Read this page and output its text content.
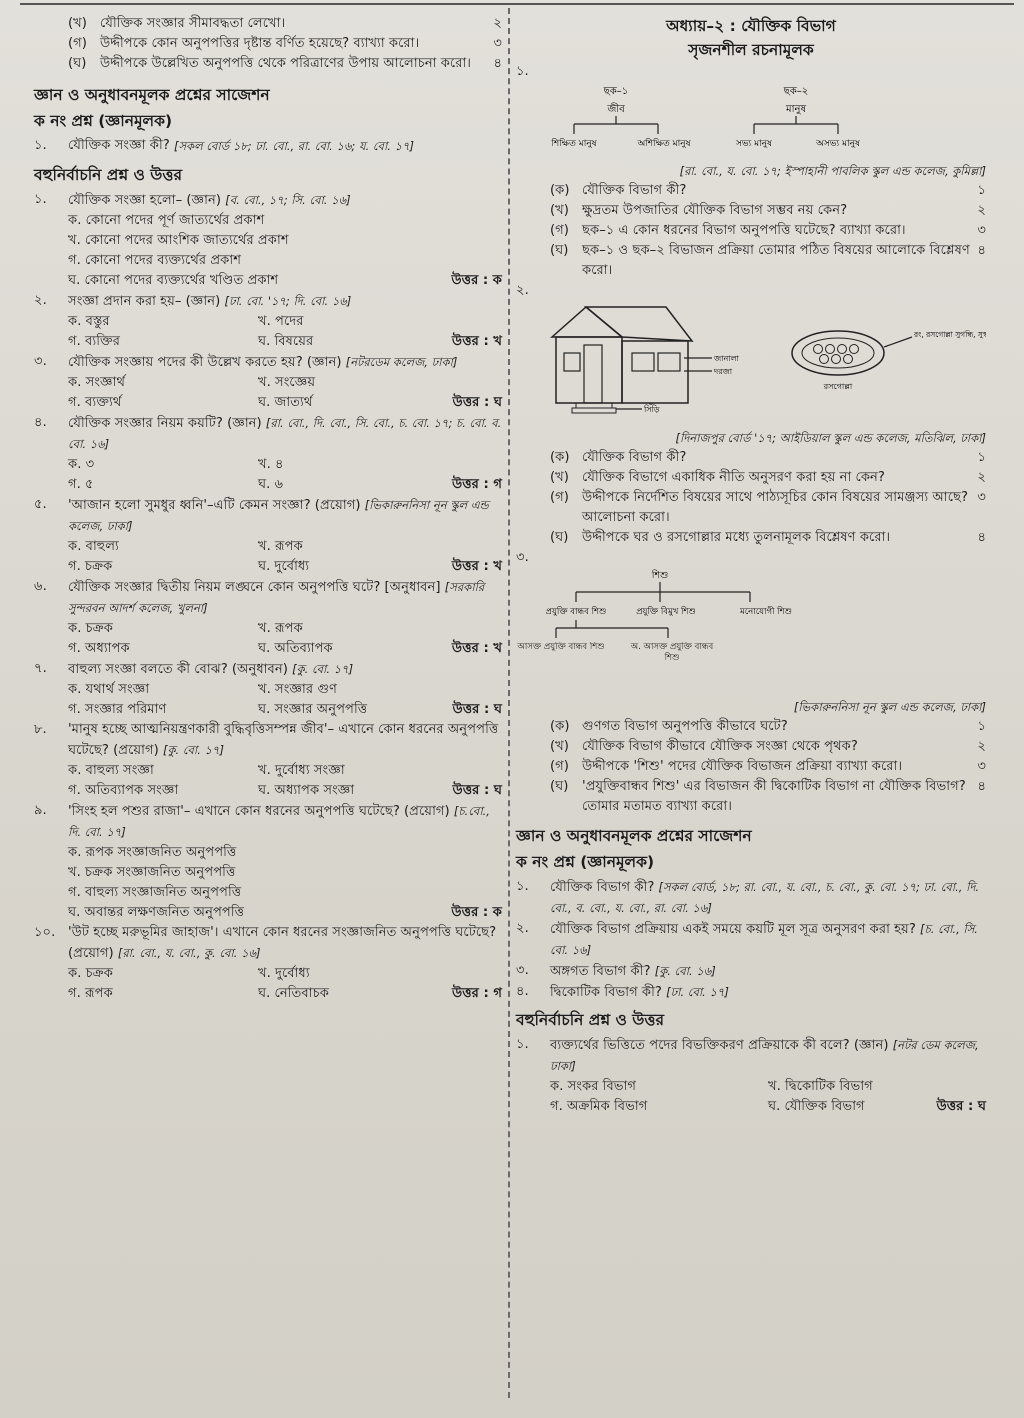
(খ) যৌক্তিক সংজ্ঞার সীমাবদ্ধতা লেখো।	২
(গ) উদ্দীপকে কোন অনুপপত্তির দৃষ্টান্ত বর্ণিত হয়েছে? ব্যাখ্যা করো।	৩
(ঘ)	উদ্দীপকে উল্লেখিত অনুপপত্তি থেকে পরিত্রাণের উপায় আলোচনা করো।	৪
জ্ঞান ও অনুধাবনমূলক প্রশ্নের সাজেশন
ক নং প্রশ্ন (জ্ঞানমূলক)
১.	যৌক্তিক সংজ্ঞা কী?
[সকল বোর্ড ১৮; ঢা. বো., রা. বো. ১৬; য. বো. ১৭]
বহুনির্বাচনি প্রশ্ন ও উত্তর
১.	যৌক্তিক সংজ্ঞা হলো– (জ্ঞান) [ব. বো., ১৭; সি. বো. ১৬]
ক. কোনো পদের পূর্ণ জাত্যর্থের প্রকাশ
খ. কোনো পদের আংশিক জাত্যর্থের প্রকাশ
গ. কোনো পদের ব্যক্ত্যর্থের প্রকাশ
ঘ. কোনো পদের ব্যক্ত্যর্থের খণ্ডিত প্রকাশ	উত্তর : ক
২.	সংজ্ঞা প্রদান করা হয়– (জ্ঞান) [ঢা. বো. '১৭; দি. বো. ১৬]
ক. বস্তুর	খ. পদের
গ. ব্যক্তির	ঘ. বিষয়ের	উত্তর : খ
৩.	যৌক্তিক সংজ্ঞায় পদের কী উল্লেখ করতে হয়? (জ্ঞান) [নটরডেম কলেজ, ঢাকা]
ক. সংজ্ঞার্থ	খ. সংজ্ঞেয়
গ. ব্যক্ত্যর্থ	ঘ. জাত্যর্থ	উত্তর : ঘ
৪.	যৌক্তিক সংজ্ঞার নিয়ম কয়টি? (জ্ঞান) [রা. বো., দি. বো., সি. বো., চ. বো. ১৭; চ. বো. ব. বো. ১৬]
ক. ৩	খ. ৪
গ. ৫	ঘ. ৬	উত্তর : গ
৫.	'আজান হলো সুমধুর ধ্বনি'–এটি কেমন সংজ্ঞা? (প্রয়োগ) [ভিকারুননিসা নূন স্কুল এন্ড কলেজ, ঢাকা]
ক. বাহুল্য	খ. রূপক
গ. চক্রক	ঘ. দুর্বোধ্য	উত্তর : খ
৬.	যৌক্তিক সংজ্ঞার দ্বিতীয় নিয়ম লঙ্ঘনে কোন অনুপপত্তি ঘটে? [অনুধাবন] [সরকারি সুন্দরবন আদর্শ কলেজ, খুলনা]
ক. চক্রক	খ. রূপক
গ. অধ্যাপক	ঘ. অতিব্যাপক	উত্তর : খ
৭.	বাহুল্য সংজ্ঞা বলতে কী বোঝ? (অনুধাবন) [কু. বো. ১৭]
ক. যথার্থ সংজ্ঞা	খ. সংজ্ঞার গুণ
গ. সংজ্ঞার পরিমাণ	ঘ. সংজ্ঞার অনুপপত্তি	উত্তর : ঘ
৮.	'মানুষ হচ্ছে আত্মনিয়ন্ত্রণকারী বুদ্ধিবৃত্তিসম্পন্ন জীব'– এখানে কোন ধরনের অনুপপত্তি ঘটেছে? (প্রয়োগ) [কু. বো. ১৭]
ক. বাহুল্য সংজ্ঞা	খ. দুর্বোধ্য সংজ্ঞা
গ. অতিব্যাপক সংজ্ঞা	ঘ. অধ্যাপক সংজ্ঞা	উত্তর : ঘ
৯.	'সিংহ হল পশুর রাজা'– এখানে কোন ধরনের অনুপপত্তি ঘটেছে? (প্রয়োগ) [চ.বো., দি. বো. ১৭]
ক. রূপক সংজ্ঞাজনিত অনুপপত্তি
খ. চক্রক সংজ্ঞাজনিত অনুপপত্তি
গ. বাহুল্য সংজ্ঞাজনিত অনুপপত্তি
ঘ. অবান্তর লক্ষণজনিত অনুপপত্তি	উত্তর : ক
১০. 'উট হচ্ছে মরুভূমির জাহাজ'। এখানে কোন ধরনের সংজ্ঞাজনিত অনুপপত্তি ঘটেছে? (প্রয়োগ) [রা. বো., য. বো., কু. বো. ১৬]
ক. চক্রক	খ. দুর্বোধ্য
গ. রূপক	ঘ. নেতিবাচক	উত্তর : গ
অধ্যায়–২ : যৌক্তিক বিভাগ
সৃজনশীল রচনামূলক
১.
ছক–১
জীব
শিক্ষিত মানুষ	অশিক্ষিত মানুষ
ছক–২
মানুষ
সভ্য মানুষ	অসভ্য মানুষ
[রা. বো., য. বো. ১৭; ইস্পাহানী পাবলিক স্কুল এন্ড কলেজ, কুমিল্লা]
(ক) যৌক্তিক বিভাগ কী?	১
(খ) ক্ষুদ্রতম উপজাতির যৌক্তিক বিভাগ সম্ভব নয় কেন?	২
(গ) ছক–১ এ কোন ধরনের বিভাগ অনুপপত্তি ঘটেছে? ব্যাখ্যা করো।	৩
(ঘ)	ছক–১ ও ছক–২ বিভাজন প্রক্রিয়া তোমার পঠিত বিষয়ের আলোকে বিশ্লেষণ করো।
৪
২.
জানালা
দরজা
সিঁড়ি
রং, রসগোল্লা সুগন্ধি, সুস্বাদু
রসগোল্লা
[দিনাজপুর বোর্ড '১৭; আইডিয়াল স্কুল এন্ড কলেজ, মতিঝিল, ঢাকা]
(ক) যৌক্তিক বিভাগ কী?	১
(খ) যৌক্তিক বিভাগে একাধিক নীতি অনুসরণ করা হয় না কেন?	২
(গ) উদ্দীপকে নির্দেশিত বিষয়ের সাথে পাঠ্যসূচির কোন বিষয়ের সামঞ্জস্য আছে? আলোচনা করো।
৩
(ঘ)	উদ্দীপকে ঘর ও রসগোল্লার মধ্যে তুলনামূলক বিশ্লেষণ করো।	৪
৩.
শিশু
প্রযুক্তি বান্ধব শিশু	প্রযুক্তি বিমুখ শিশু	মনোযোগী শিশু
আসক্ত প্রযুক্তি বান্ধব শিশু	অ. আসক্ত প্রযুক্তি বান্ধব শিশু
[ভিকারুননিসা নূন স্কুল এন্ড কলেজ, ঢাকা]
(ক) গুণগত বিভাগ অনুপপত্তি কীভাবে ঘটে?	১
(খ) যৌক্তিক বিভাগ কীভাবে যৌক্তিক সংজ্ঞা থেকে পৃথক?	২
(গ) উদ্দীপকে 'শিশু' পদের যৌক্তিক বিভাজন প্রক্রিয়া ব্যাখ্যা করো।	৩
(ঘ)	'প্রযুক্তিবান্ধব শিশু' এর বিভাজন কী দ্বিকোটিক বিভাগ না যৌক্তিক বিভাগ? তোমার মতামত ব্যাখ্যা করো।
৪
জ্ঞান ও অনুধাবনমূলক প্রশ্নের সাজেশন
ক নং প্রশ্ন (জ্ঞানমূলক)
১.	যৌক্তিক বিভাগ কী? [সকল বোর্ড, ১৮; রা. বো., য. বো., চ. বো., কু. বো. ১৭; ঢা. বো., দি. বো., ব. বো., য. বো., রা. বো. ১৬]
২.	যৌক্তিক বিভাগ প্রক্রিয়ায় একই সময়ে কয়টি মূল সূত্র অনুসরণ করা হয়? [চ. বো., সি. বো. ১৬]
৩.	অঙ্গগত বিভাগ কী? [কু. বো. ১৬]
৪.	দ্বিকোটিক বিভাগ কী? [ঢা. বো. ১৭]
বহুনির্বাচনি প্রশ্ন ও উত্তর
১.	ব্যক্ত্যর্থের ভিত্তিতে পদের বিভক্তিকরণ প্রক্রিয়াকে কী বলে? (জ্ঞান) [নটর ডেম কলেজ, ঢাকা]
ক. সংকর বিভাগ	খ. দ্বিকোটিক বিভাগ
গ. অক্রমিক বিভাগ	ঘ. যৌক্তিক বিভাগ	উত্তর : ঘ
